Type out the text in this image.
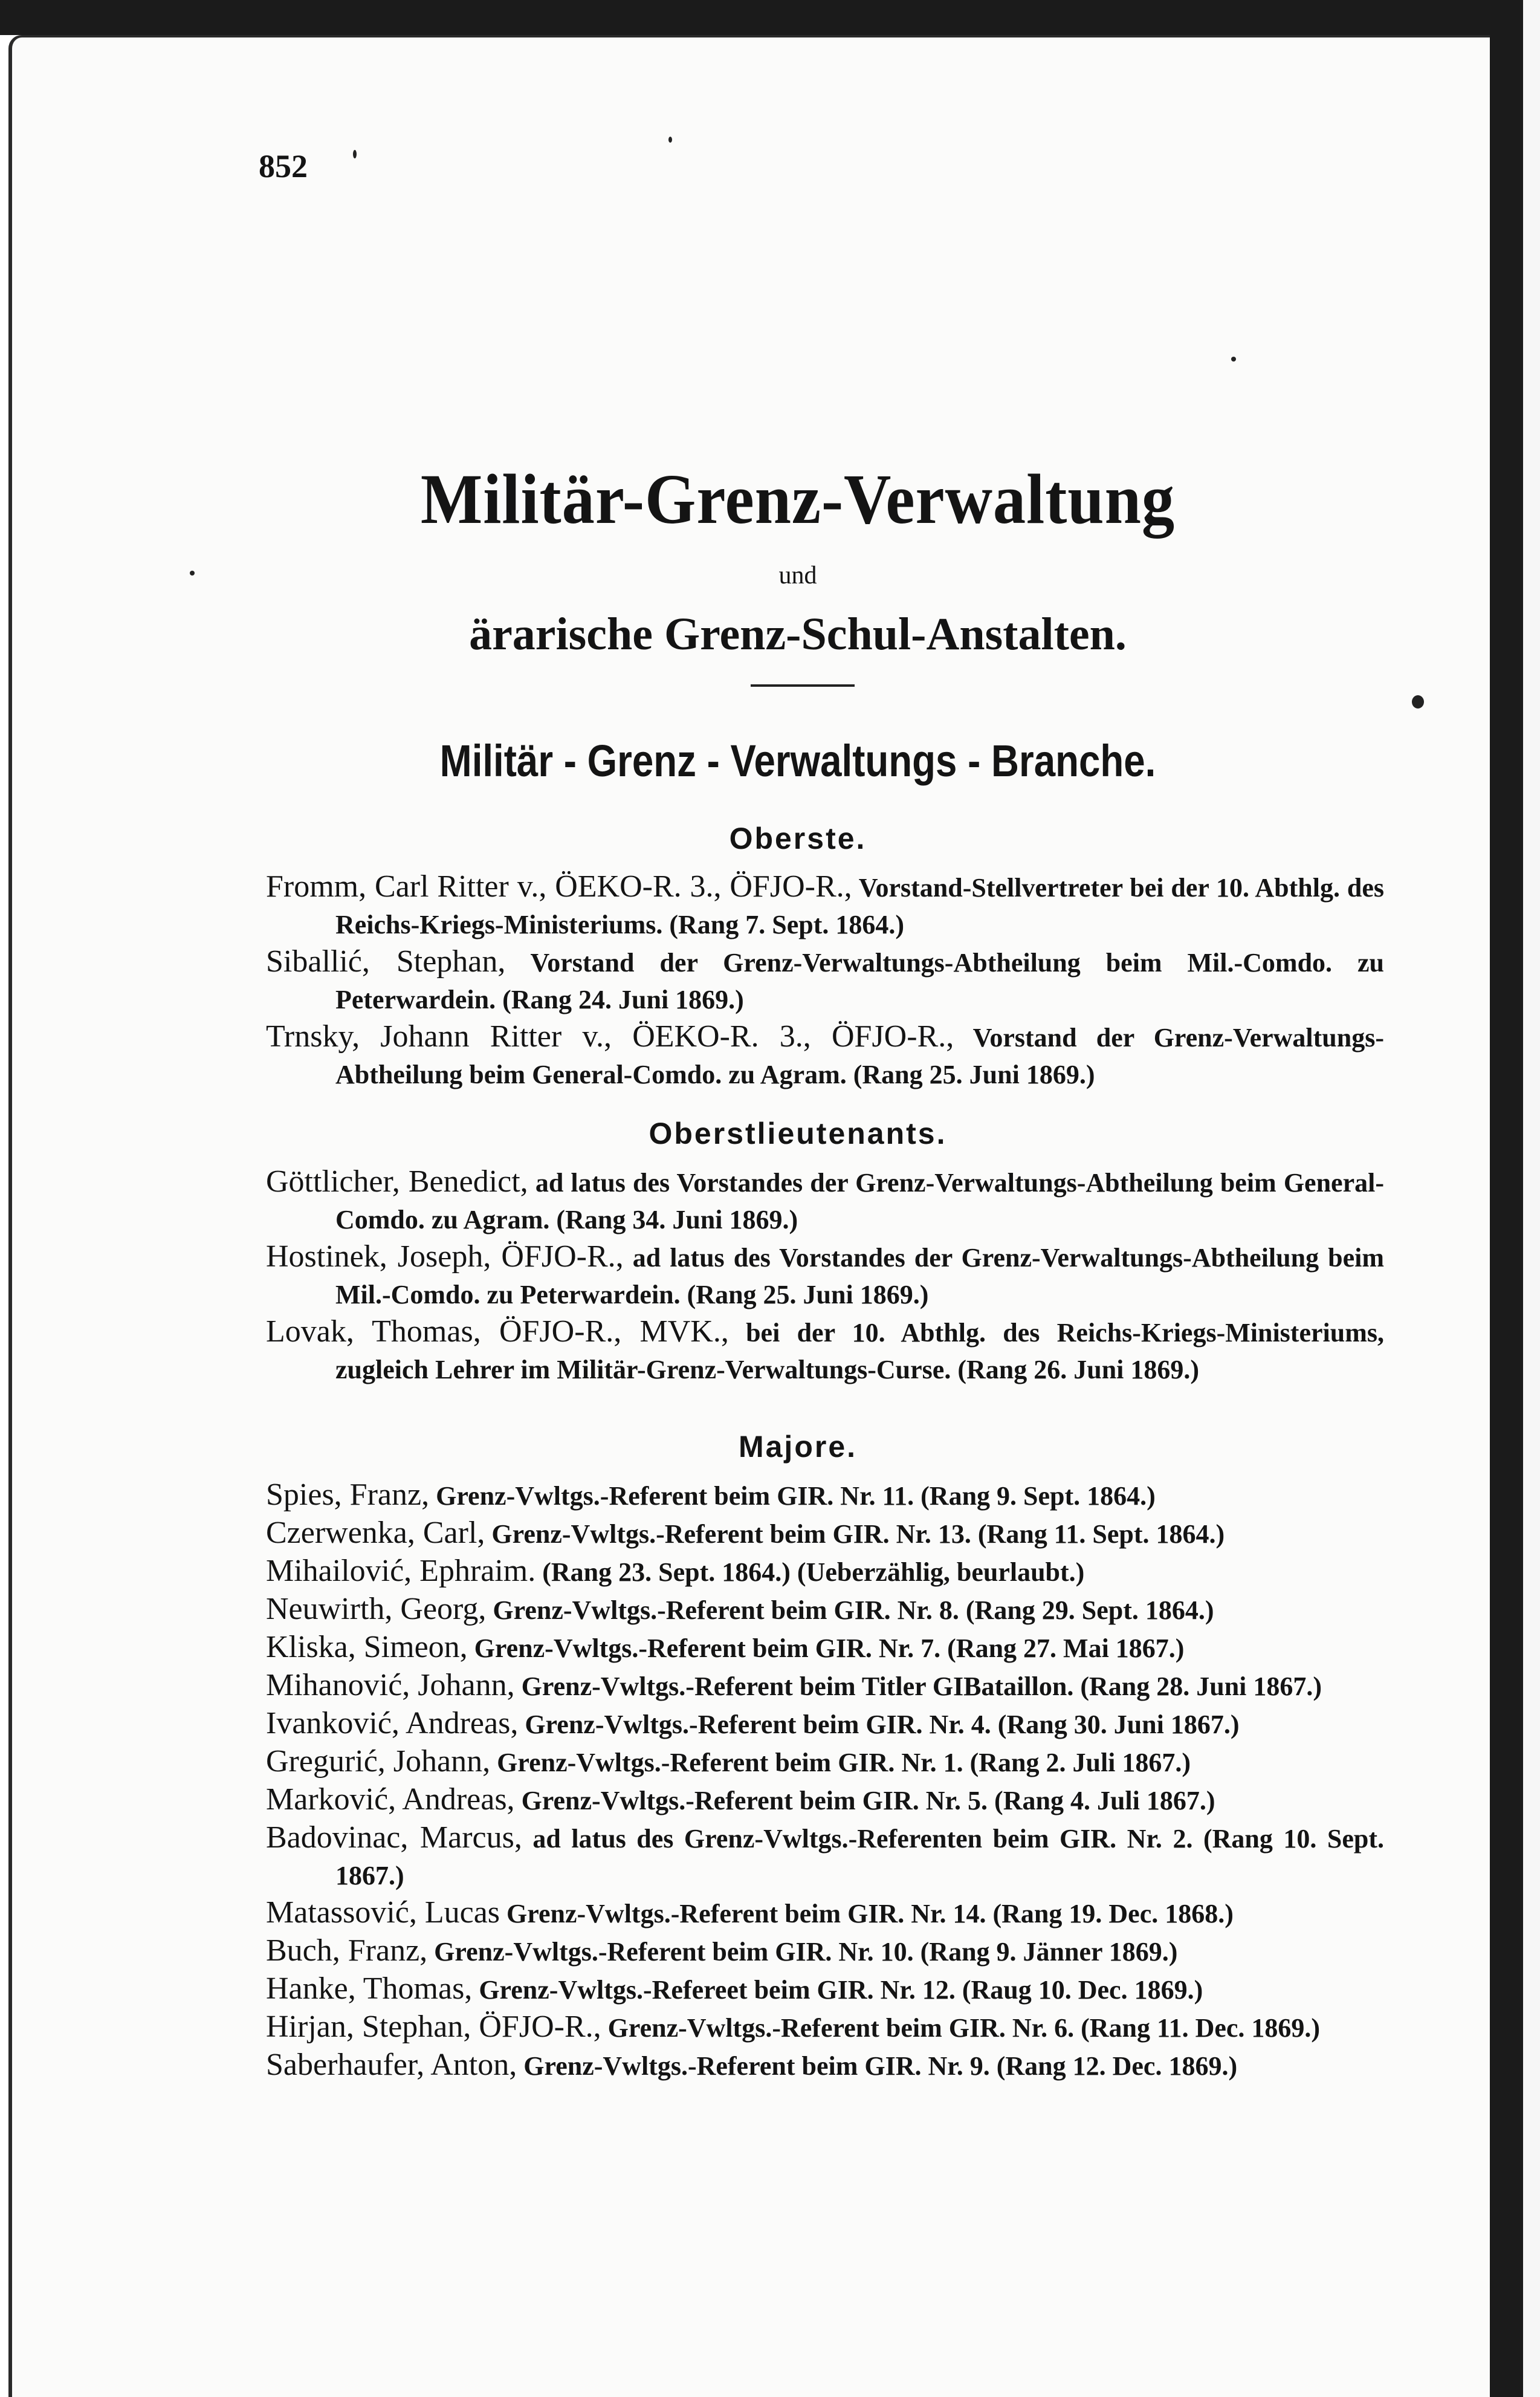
852
Militär-Grenz-Verwaltung
und
ärarische Grenz-Schul-Anstalten.
Militär - Grenz - Verwaltungs - Branche.
Oberste.
Fromm, Carl Ritter v., ÖEKO-R. 3., ÖFJO-R., Vorstand-Stellvertreter bei der 10. Abthlg. des Reichs-Kriegs-Ministeriums. (Rang 7. Sept. 1864.)
Siballić, Stephan, Vorstand der Grenz-Verwaltungs-Abtheilung beim Mil.-Comdo. zu Peterwardein. (Rang 24. Juni 1869.)
Trnsky, Johann Ritter v., ÖEKO-R. 3., ÖFJO-R., Vorstand der Grenz-Verwaltungs-Abtheilung beim General-Comdo. zu Agram. (Rang 25. Juni 1869.)
Oberstlieutenants.
Göttlicher, Benedict, ad latus des Vorstandes der Grenz-Verwaltungs-Abtheilung beim General-Comdo. zu Agram. (Rang 34. Juni 1869.)
Hostinek, Joseph, ÖFJO-R., ad latus des Vorstandes der Grenz-Verwaltungs-Abtheilung beim Mil.-Comdo. zu Peterwardein. (Rang 25. Juni 1869.)
Lovak, Thomas, ÖFJO-R., MVK., bei der 10. Abthlg. des Reichs-Kriegs-Ministeriums, zugleich Lehrer im Militär-Grenz-Verwaltungs-Curse. (Rang 26. Juni 1869.)
Majore.
Spies, Franz, Grenz-Vwltgs.-Referent beim GIR. Nr. 11. (Rang 9. Sept. 1864.)
Czerwenka, Carl, Grenz-Vwltgs.-Referent beim GIR. Nr. 13. (Rang 11. Sept. 1864.)
Mihailović, Ephraim. (Rang 23. Sept. 1864.) (Ueberzählig, beurlaubt.)
Neuwirth, Georg, Grenz-Vwltgs.-Referent beim GIR. Nr. 8. (Rang 29. Sept. 1864.)
Kliska, Simeon, Grenz-Vwltgs.-Referent beim GIR. Nr. 7. (Rang 27. Mai 1867.)
Mihanović, Johann, Grenz-Vwltgs.-Referent beim Titler GIBataillon. (Rang 28. Juni 1867.)
Ivanković, Andreas, Grenz-Vwltgs.-Referent beim GIR. Nr. 4. (Rang 30. Juni 1867.)
Gregurić, Johann, Grenz-Vwltgs.-Referent beim GIR. Nr. 1. (Rang 2. Juli 1867.)
Marković, Andreas, Grenz-Vwltgs.-Referent beim GIR. Nr. 5. (Rang 4. Juli 1867.)
Badovinac, Marcus, ad latus des Grenz-Vwltgs.-Referenten beim GIR. Nr. 2. (Rang 10. Sept. 1867.)
Matassović, Lucas Grenz-Vwltgs.-Referent beim GIR. Nr. 14. (Rang 19. Dec. 1868.)
Buch, Franz, Grenz-Vwltgs.-Referent beim GIR. Nr. 10. (Rang 9. Jänner 1869.)
Hanke, Thomas, Grenz-Vwltgs.-Refereet beim GIR. Nr. 12. (Raug 10. Dec. 1869.)
Hirjan, Stephan, ÖFJO-R., Grenz-Vwltgs.-Referent beim GIR. Nr. 6. (Rang 11. Dec. 1869.)
Saberhaufer, Anton, Grenz-Vwltgs.-Referent beim GIR. Nr. 9. (Rang 12. Dec. 1869.)
